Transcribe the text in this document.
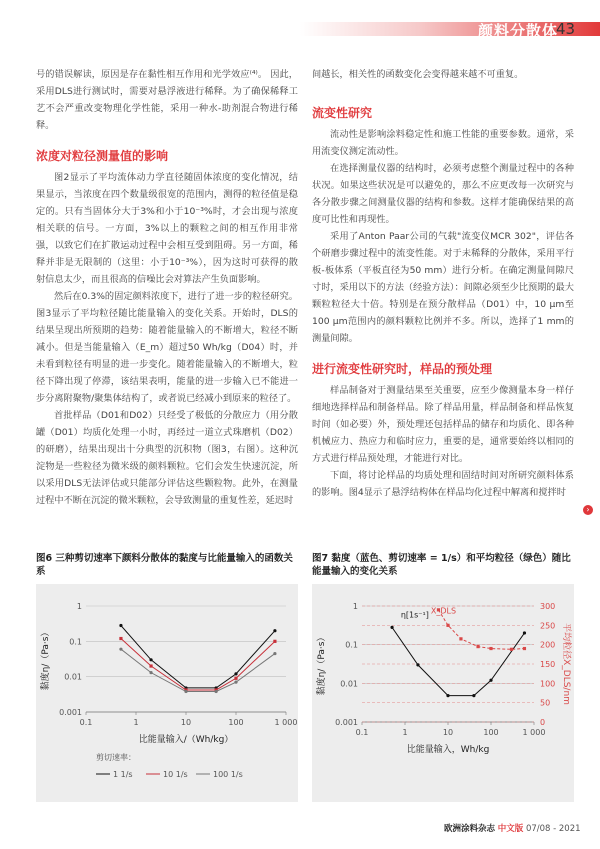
颜料分散体
43

号的错误解读，原因是存在黏性相互作用和光学效应⁽⁴⁾。 因此，采用DLS进行测试时，需要对悬浮液进行稀释。为了确保稀释工艺不会严重改变物理化学性能，采用一种水-助剂混合物进行稀释。

浓度对粒径测量值的影响

图2显示了平均流体动力学直径随固体浓度的变化情况，结果显示，当浓度在四个数量级很宽的范围内，测得的粒径值是稳定的。只有当固体分大于3%和小于10⁻³%时，才会出现与浓度相关联的信号。一方面，3%以上的颗粒之间的相互作用非常强，以致它们在扩散运动过程中会相互受到阻碍。另一方面，稀释并非是无限制的（这里：小于10⁻³%），因为这时可获得的散射信息太少，而且很高的信噪比会对算法产生负面影响。

然后在0.3%的固定颜料浓度下，进行了进一步的粒径研究。图3显示了平均粒径随比能量输入的变化关系。开始时，DLS的结果呈现出所预期的趋势：随着能量输入的不断增大，粒径不断减小。但是当能量输入（E_m）超过50 Wh/kg（D04）时，并未看到粒径有明显的进一步变化。随着能量输入的不断增大，粒径下降出现了停滞，该结果表明，能量的进一步输入已不能进一步分离附聚物/聚集体结构了，或者说已经减小到原来的粒径了。

首批样品（D01和D02）只经受了极低的分散应力（用分散罐（D01）均质化处理一小时，再经过一道立式珠磨机（D02）的研磨），结果出现出十分典型的沉积物（图3，右图）。这种沉淀物是一些粒径为微米级的颜料颗粒。它们会发生快速沉淀，所以采用DLS无法评估或只能部分评估这些颗粒物。此外，在测量过程中不断在沉淀的微米颗粒，会导致测量的重复性差，延迟时

间越长，相关性的函数变化会变得越来越不可重复。

流变性研究

流动性是影响涂料稳定性和施工性能的重要参数。通常，采用流变仪测定流动性。

在选择测量仪器的结构时，必须考虑整个测量过程中的各种状况。如果这些状况是可以避免的，那么不应更改每一次研究与各分散步骤之间测量仪器的结构和参数。这样才能确保结果的高度可比性和再现性。

采用了Anton Paar公司的气载"流变仪MCR 302"，评估各个研磨步骤过程中的流变性能。对于未稀释的分散体，采用平行板-板体系（平板直径为50 mm）进行分析。在确定测量间隙尺寸时，采用以下的方法（经验方法）：间隙必须至少比预期的最大颗粒粒径大十倍。特别是在预分散样品（D01）中，10 μm至100 μm范围内的颜料颗粒比例并不多。所以，选择了1 mm的测量间隙。

进行流变性研究时，样品的预处理

样品制备对于测量结果至关重要，应至少像测量本身一样仔细地选择样品和制备样品。除了样品用量，样品制备和样品恢复时间（如必要）外，预处理还包括样品的储存和均质化、即各种机械应力、热应力和临时应力，重要的是，通常要始终以相同的方式进行样品预处理，才能进行对比。

下面，将讨论样品的均质处理和固结时间对所研究颜料体系的影响。图4显示了悬浮结构体在样品均化过程中解离和搅拌时

›
图6 三种剪切速率下颜料分散体的黏度与比能量输入的函数关系
0.001
0.01
0.1
1
0.1	1	10	100	1 000
比能量输入/（Wh/kg）
黏度η/（Pa·s）
剪切速率：
1 1/s	10 1/s	100 1/s
图7 黏度（蓝色、剪切速率 = 1/s）和平均粒径（绿色）随比能量输入的变化关系
0.001
0.01
0.1
1
0.1	1	10	100	1 000
比能量输入，Wh/kg
黏度η/（Pa·s）
0
50
100
150
200
250
300
平均粒径X_DLS/nm
η[1s⁻¹] X_DLS
欧洲涂料杂志 中文版 07/08 - 2021
